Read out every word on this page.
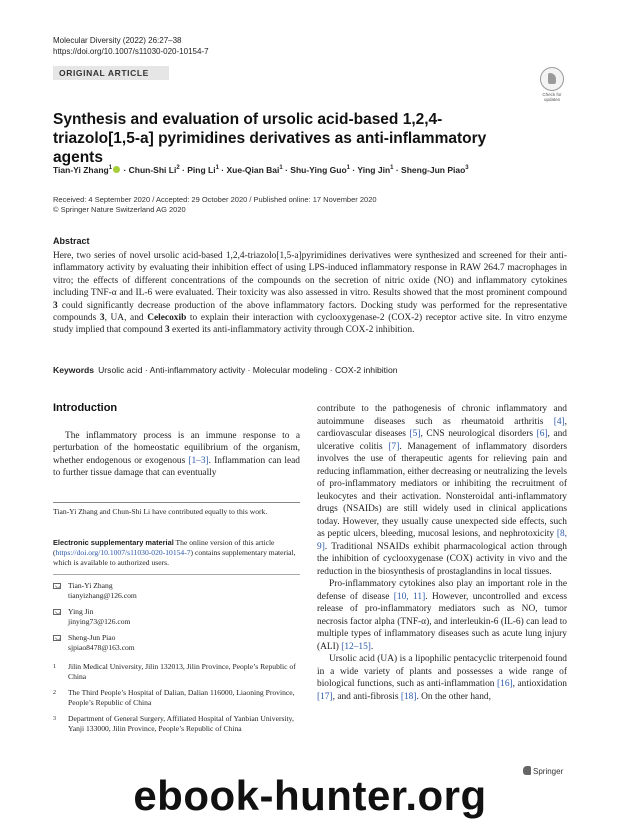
Molecular Diversity (2022) 26:27–38
https://doi.org/10.1007/s11030-020-10154-7
ORIGINAL ARTICLE
Check for updates
Synthesis and evaluation of ursolic acid-based 1,2,4-triazolo[1,5-a] pyrimidines derivatives as anti-inflammatory agents
Tian-Yi Zhang$^1$ · Chun-Shi $Li^2$ · Ping $Li^1$ · Xue-Qian Bai$^1$ · Shu-Ying Guo$^1$ · Ying Jin$^1$ · Sheng-Jun Piao$^3$
Received: 4 September 2020 / Accepted: 29 October 2020 / Published online: 17 November 2020
© Springer Nature Switzerland AG 2020
Abstract
Here, two series of novel ursolic acid-based 1,2,4-triazolo[1,5-a]pyrimidines derivatives were synthesized and screened for their anti-inflammatory activity by evaluating their inhibition effect of using LPS-induced inflammatory response in RAW 264.7 macrophages in vitro; the effects of different concentrations of the compounds on the secretion of nitric oxide (NO) and inflammatory cytokines including TNF-α and IL-6 were evaluated. Their toxicity was also assessed in vitro. Results showed that the most prominent compound 3 could significantly decrease production of the above inflammatory factors. Docking study was performed for the representative compounds 3, UA, and Celecoxib to explain their interaction with cyclooxygenase-2 (COX-2) receptor active site. In vitro enzyme study implied that compound 3 exerted its anti-inflammatory activity through COX-2 inhibition.
Keywords Ursolic acid · Anti-inflammatory activity · Molecular modeling · COX-2 inhibition
Introduction

The inflammatory process is an immune response to a perturbation of the homeostatic equilibrium of the organism, whether endogenous or exogenous [1–3]. Inflammation can lead to further tissue damage that can eventually

Tian-Yi Zhang and Chun-Shi Li have contributed equally to this work.
Electronic supplementary material The online version of this article (https://doi.org/10.1007/s11030-020-10154-7) contains supplementary material, which is available to authorized users.
Tian-Yi Zhang
tianyizhang@126.com
Ying Jin
jinying73@126.com
Sheng-Jun Piao
sjpiao8478@163.com
1 Jilin Medical University, Jilin 132013, Jilin Province, People’s Republic of China
2 The Third People’s Hospital of Dalian, Dalian 116000, Liaoning Province, People’s Republic of China
3 Department of General Surgery, Affiliated Hospital of Yanbian University, Yanji 133000, Jilin Province, People’s Republic of China

contribute to the pathogenesis of chronic inflammatory and autoimmune diseases such as rheumatoid arthritis [4], cardiovascular diseases [5], CNS neurological disorders [6], and ulcerative colitis [7]. Management of inflammatory disorders involves the use of therapeutic agents for relieving pain and reducing inflammation, either decreasing or neutralizing the levels of pro-inflammatory mediators or inhibiting the recruitment of leukocytes and their activation. Nonsteroidal anti-inflammatory drugs (NSAIDs) are still widely used in clinical applications today. However, they usually cause unexpected side effects, such as peptic ulcers, bleeding, mucosal lesions, and nephrotoxicity [8, 9]. Traditional NSAIDs exhibit pharmacological action through the inhibition of cyclooxygenase (COX) activity in vivo and the reduction in the biosynthesis of prostaglandins in local tissues.

Pro-inflammatory cytokines also play an important role in the defense of disease [10, 11]. However, uncontrolled and excess release of pro-inflammatory mediators such as NO, tumor necrosis factor alpha (TNF-α), and interleukin-6 (IL-6) can lead to multiple types of inflammatory diseases such as acute lung injury (ALI) [12–15].

Ursolic acid (UA) is a lipophilic pentacyclic triterpenoid found in a wide variety of plants and possesses a wide range of biological functions, such as anti-inflammation [16], antioxidation [17], and anti-fibrosis [18]. On the other hand,

Springer
ebook-hunter.org
